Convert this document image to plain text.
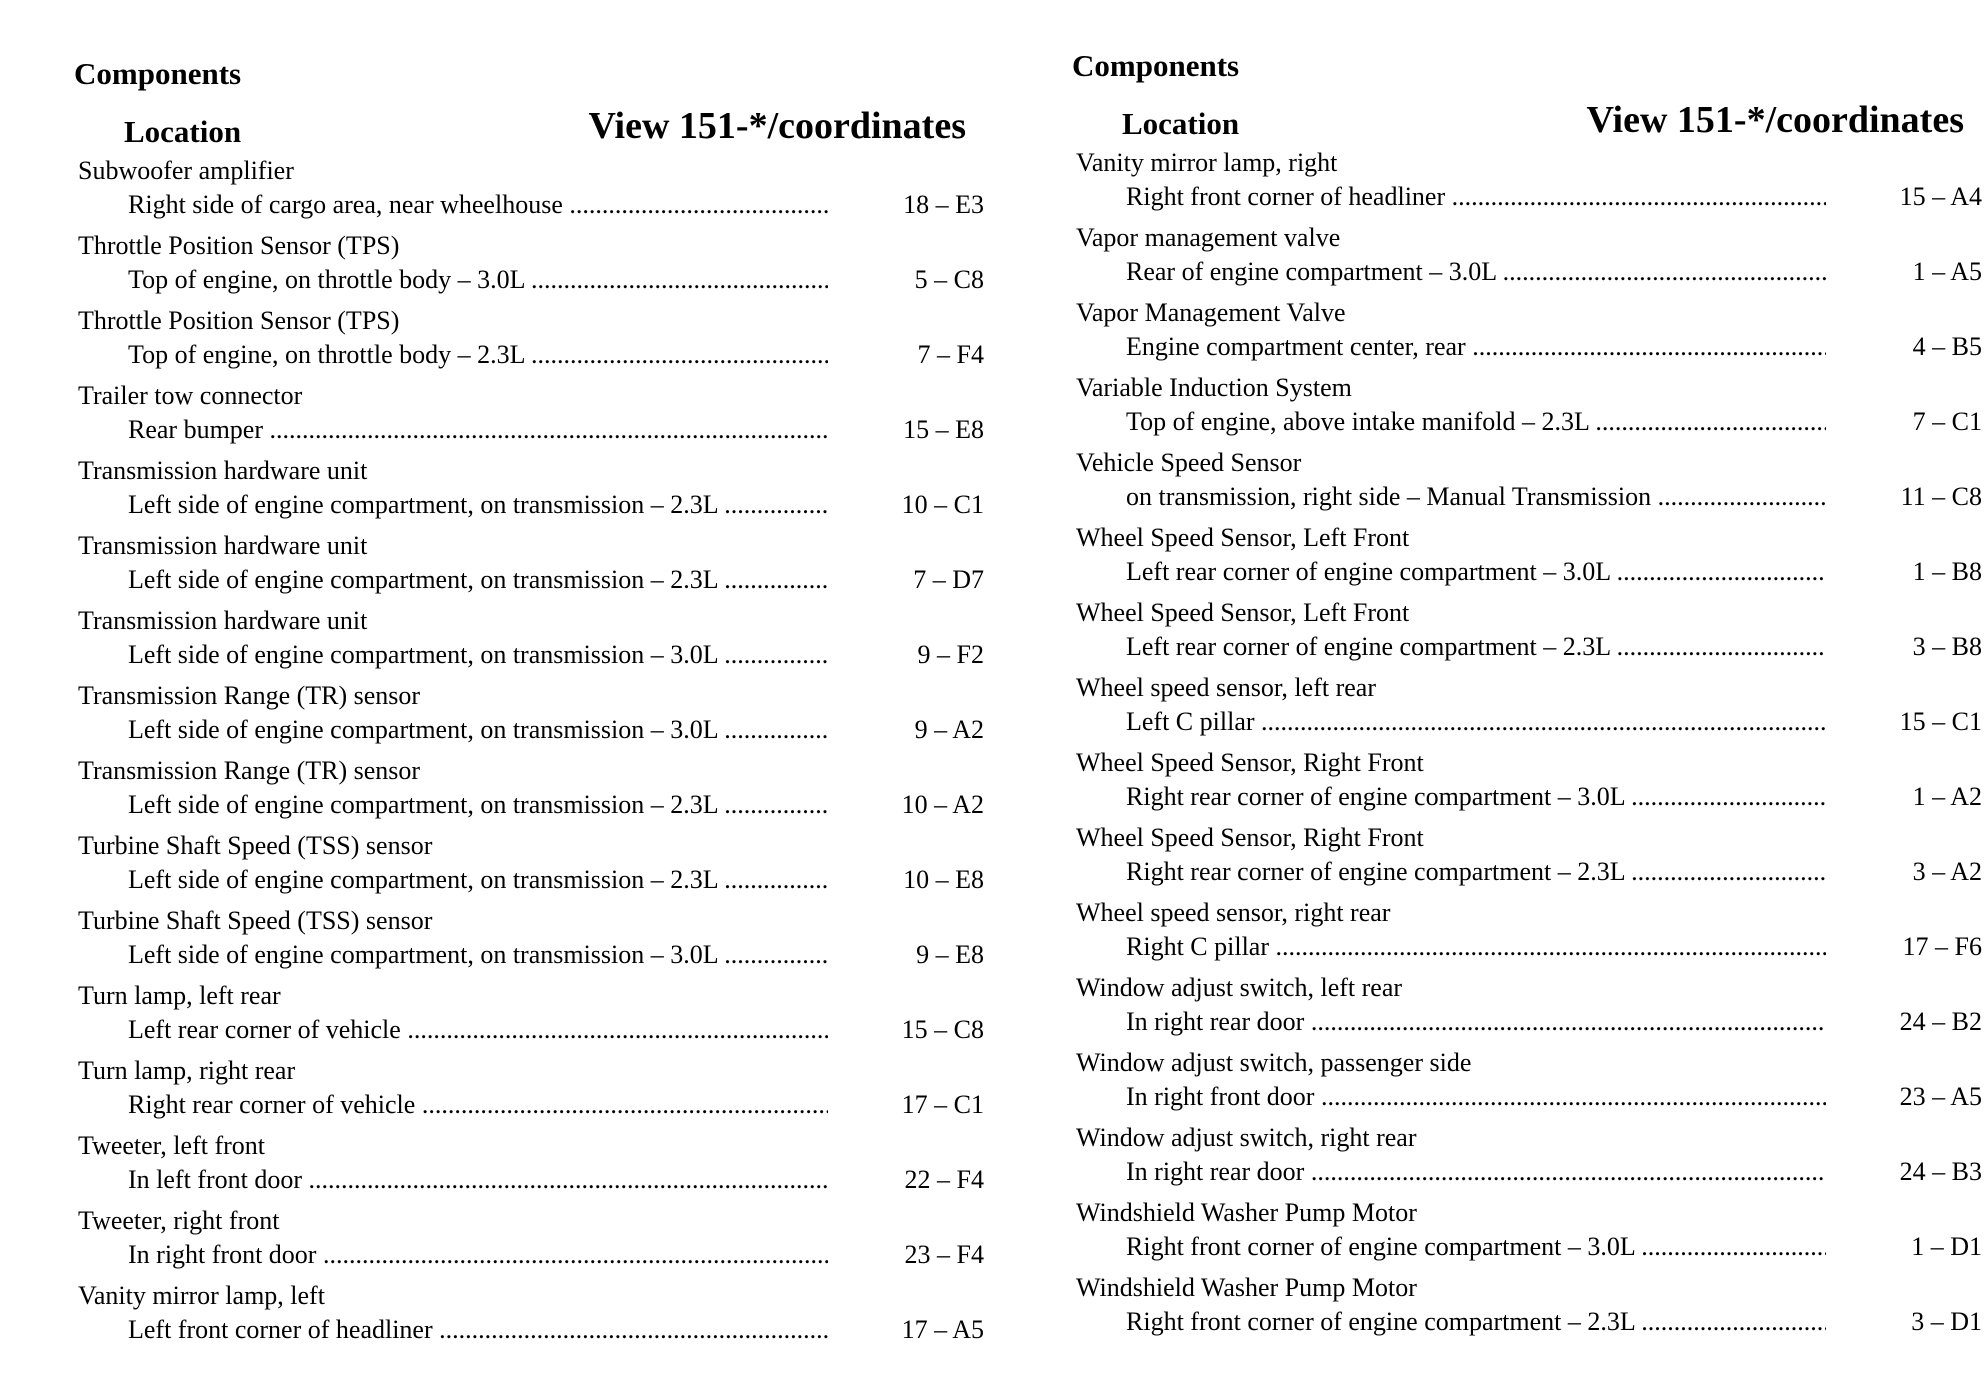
Components
Location	View 151-*/coordinates
Subwoofer amplifier
Right side of cargo area, near wheelhouse .....	18 – E3
Throttle Position Sensor (TPS)
Top of engine, on throttle body – 3.0L .....	5 – C8
Throttle Position Sensor (TPS)
Top of engine, on throttle body – 2.3L .....	7 – F4
Trailer tow connector
Rear bumper .....	15 – E8
Transmission hardware unit
Left side of engine compartment, on transmission – 2.3L .....	10 – C1
Transmission hardware unit
Left side of engine compartment, on transmission – 2.3L .....	7 – D7
Transmission hardware unit
Left side of engine compartment, on transmission – 3.0L .....	9 – F2
Transmission Range (TR) sensor
Left side of engine compartment, on transmission – 3.0L .....	9 – A2
Transmission Range (TR) sensor
Left side of engine compartment, on transmission – 2.3L .....	10 – A2
Turbine Shaft Speed (TSS) sensor
Left side of engine compartment, on transmission – 2.3L .....	10 – E8
Turbine Shaft Speed (TSS) sensor
Left side of engine compartment, on transmission – 3.0L .....	9 – E8
Turn lamp, left rear
Left rear corner of vehicle .....	15 – C8
Turn lamp, right rear
Right rear corner of vehicle .....	17 – C1
Tweeter, left front
In left front door .....	22 – F4
Tweeter, right front
In right front door .....	23 – F4
Vanity mirror lamp, left
Left front corner of headliner .....	17 – A5
Components
Location	View 151-*/coordinates
Vanity mirror lamp, right
Right front corner of headliner .....	15 – A4
Vapor management valve
Rear of engine compartment – 3.0L .....	1 – A5
Vapor Management Valve
Engine compartment center, rear .....	4 – B5
Variable Induction System
Top of engine, above intake manifold – 2.3L .....	7 – C1
Vehicle Speed Sensor
on transmission, right side – Manual Transmission .....	11 – C8
Wheel Speed Sensor, Left Front
Left rear corner of engine compartment – 3.0L .....	1 – B8
Wheel Speed Sensor, Left Front
Left rear corner of engine compartment – 2.3L .....	3 – B8
Wheel speed sensor, left rear
Left C pillar .....	15 – C1
Wheel Speed Sensor, Right Front
Right rear corner of engine compartment – 3.0L .....	1 – A2
Wheel Speed Sensor, Right Front
Right rear corner of engine compartment – 2.3L .....	3 – A2
Wheel speed sensor, right rear
Right C pillar .....	17 – F6
Window adjust switch, left rear
In right rear door .....	24 – B2
Window adjust switch, passenger side
In right front door .....	23 – A5
Window adjust switch, right rear
In right rear door .....	24 – B3
Windshield Washer Pump Motor
Right front corner of engine compartment – 3.0L .....	1 – D1
Windshield Washer Pump Motor
Right front corner of engine compartment – 2.3L .....	3 – D1
